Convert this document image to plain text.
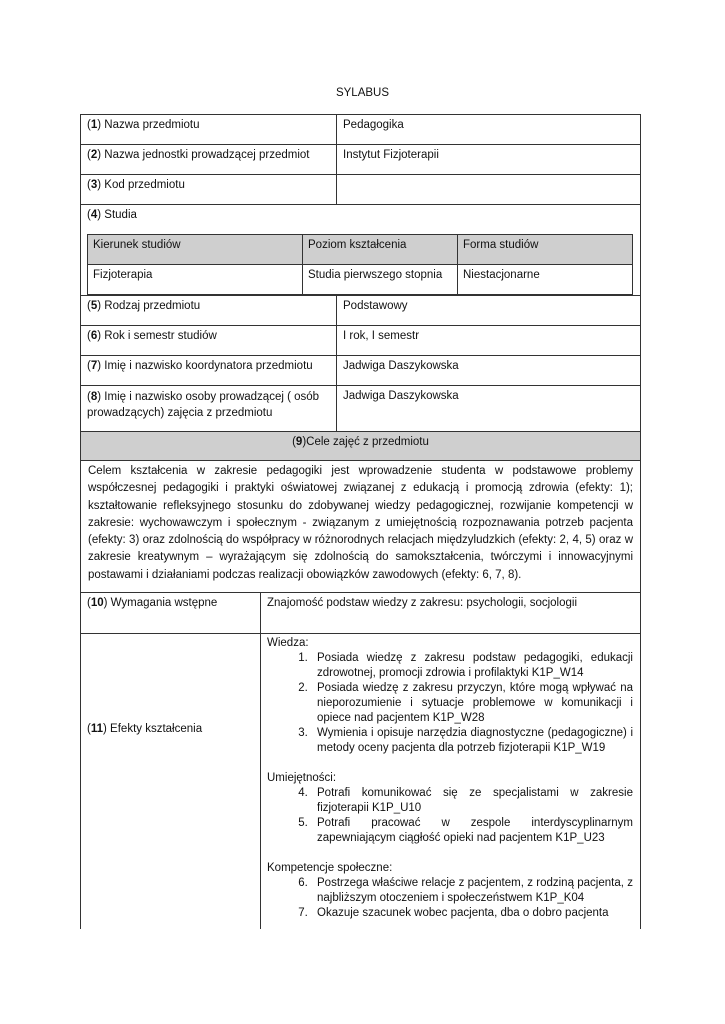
SYLABUS
(1) Nazwa przedmiotu	Pedagogika
(2) Nazwa jednostki prowadzącej przedmiot	Instytut Fizjoterapii
(3) Kod przedmiotu
(4) Studia
Kierunek studiów	Poziom kształcenia	Forma studiów
Fizjoterapia	Studia pierwszego stopnia	Niestacjonarne
(5) Rodzaj przedmiotu	Podstawowy
(6) Rok i semestr studiów	I rok, I semestr
(7) Imię i nazwisko koordynatora przedmiotu	Jadwiga Daszykowska
(8) Imię i nazwisko osoby prowadzącej ( osób prowadzących) zajęcia z przedmiotu
Jadwiga Daszykowska
(9)Cele zajęć z przedmiotu
Celem kształcenia w zakresie pedagogiki jest wprowadzenie studenta w podstawowe problemy współczesnej pedagogiki i praktyki oświatowej związanej z edukacją i promocją zdrowia (efekty: 1); kształtowanie refleksyjnego stosunku do zdobywanej wiedzy pedagogicznej, rozwijanie kompetencji w zakresie: wychowawczym i społecznym - związanym z umiejętnością rozpoznawania potrzeb pacjenta (efekty: 3) oraz zdolnością do współpracy w różnorodnych relacjach międzyludzkich (efekty: 2, 4, 5) oraz w zakresie kreatywnym – wyrażającym się zdolnością do samokształcenia, twórczymi i innowacyjnymi postawami i działaniami podczas realizacji obowiązków zawodowych (efekty: 6, 7, 8).
(10) Wymagania wstępne	Znajomość podstaw wiedzy z zakresu: psychologii, socjologii
(11) Efekty kształcenia
Wiedza:
1. Posiada wiedzę z zakresu podstaw pedagogiki, edukacji zdrowotnej, promocji zdrowia i profilaktyki K1P_W14
2. Posiada wiedzę z zakresu przyczyn, które mogą wpływać na nieporozumienie i sytuacje problemowe w komunikacji i opiece nad pacjentem K1P_W28
3. Wymienia i opisuje narzędzia diagnostyczne (pedagogiczne) i metody oceny pacjenta dla potrzeb fizjoterapii K1P_W19
Umiejętności:
4. Potrafi komunikować się ze specjalistami w zakresie fizjoterapii K1P_U10
5. Potrafi pracować w zespole interdyscyplinarnym zapewniającym ciągłość opieki nad pacjentem K1P_U23
Kompetencje społeczne:
6. Postrzega właściwe relacje z pacjentem, z rodziną pacjenta, z najbliższym otoczeniem i społeczeństwem K1P_K04
7. Okazuje szacunek wobec pacjenta, dba o dobro pacjenta
